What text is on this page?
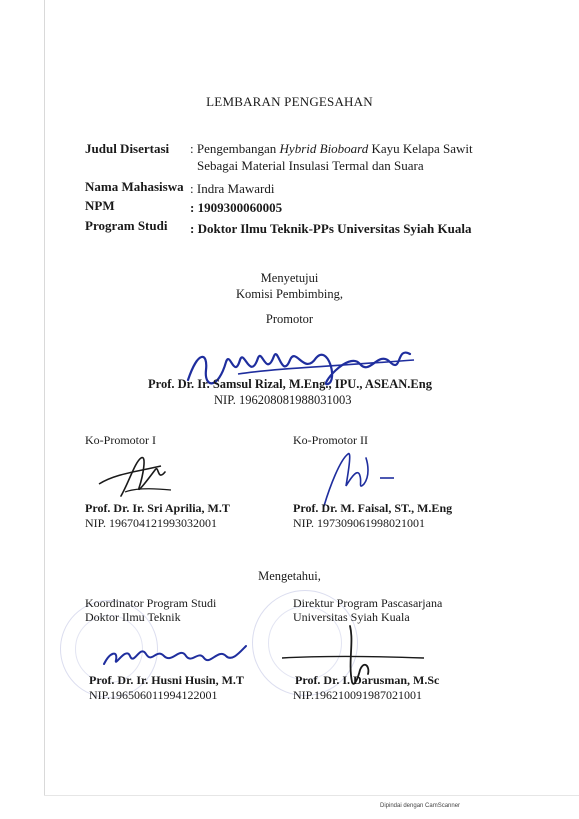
LEMBARAN PENGESAHAN
Judul Disertasi : Pengembangan Hybrid Bioboard Kayu Kelapa Sawit
Sebagai Material Insulasi Termal dan Suara
Nama Mahasiswa : Indra Mawardi
NPM	: 1909300060005
Program Studi : Doktor Ilmu Teknik-PPs Universitas Syiah Kuala
Menyetujui
Komisi Pembimbing,
Promotor
Prof. Dr. Ir. Samsul Rizal, M.Eng., IPU., ASEAN.Eng
NIP. 196208081988031003
Ko-Promotor I
Prof. Dr. Ir. Sri Aprilia, M.T
NIP. 196704121993032001
Ko-Promotor II
Prof. Dr. M. Faisal, ST., M.Eng
NIP. 197309061998021001
Mengetahui,
Koordinator Program Studi
Doktor Ilmu Teknik
Prof. Dr. Ir. Husni Husin, M.T
NIP.196506011994122001
Direktur Program Pascasarjana
Universitas Syiah Kuala
Prof. Dr. I. Darusman, M.Sc
NIP.196210091987021001
Dipindai dengan CamScanner
